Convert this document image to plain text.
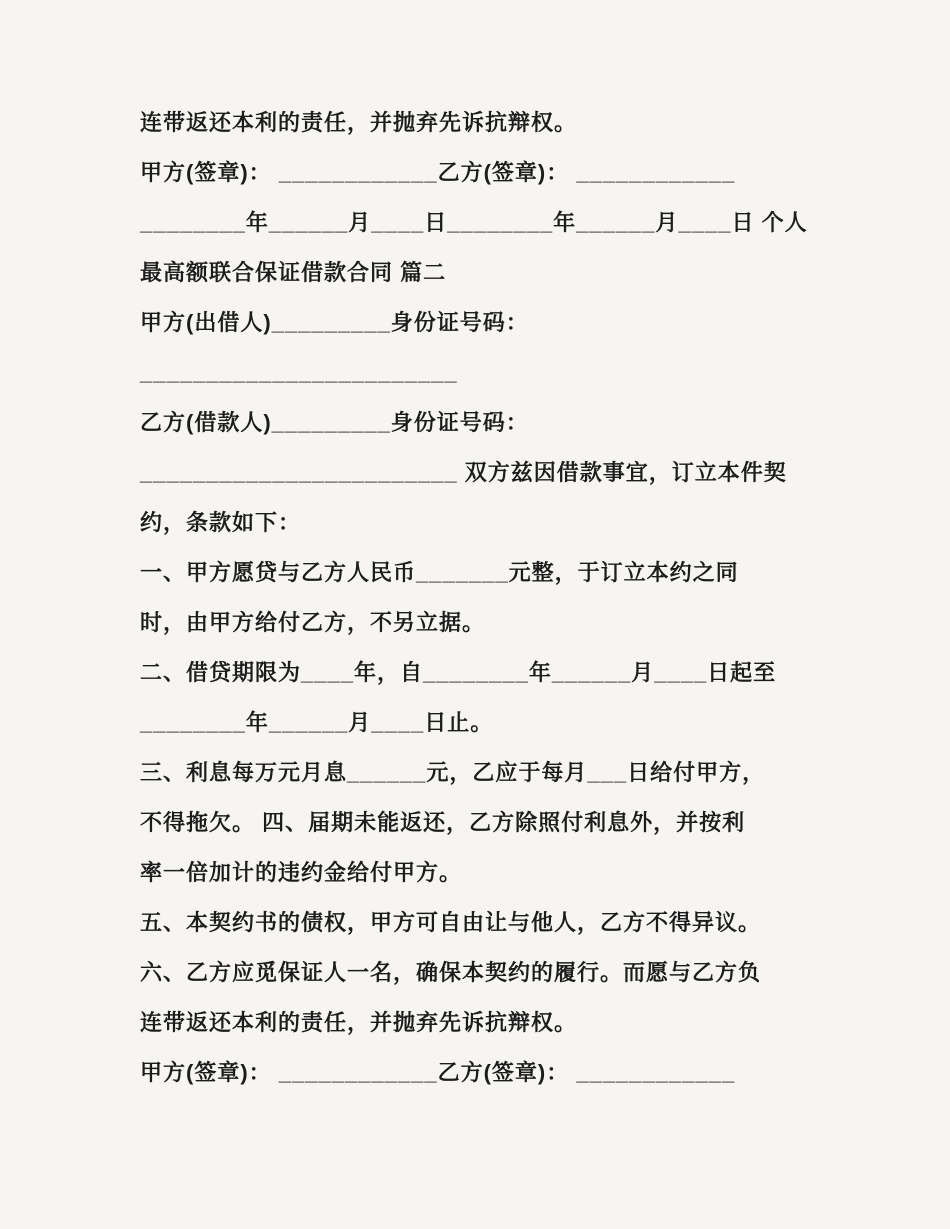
连带返还本利的责任，并抛弃先诉抗辩权。

甲方(签章)： ____________乙方(签章)： ____________

________年______月____日________年______月____日 个人

最高额联合保证借款合同 篇二

甲方(出借人)_________身份证号码：

________________________

乙方(借款人)_________身份证号码：

________________________ 双方兹因借款事宜，订立本件契

约，条款如下：

一、甲方愿贷与乙方人民币_______元整，于订立本约之同

时，由甲方给付乙方，不另立据。

二、借贷期限为____年，自________年______月____日起至

________年______月____日止。

三、利息每万元月息______元，乙应于每月___日给付甲方，

不得拖欠。 四、届期未能返还，乙方除照付利息外，并按利

率一倍加计的违约金给付甲方。

五、本契约书的债权，甲方可自由让与他人，乙方不得异议。

六、乙方应觅保证人一名，确保本契约的履行。而愿与乙方负

连带返还本利的责任，并抛弃先诉抗辩权。

甲方(签章)： ____________乙方(签章)： ____________
